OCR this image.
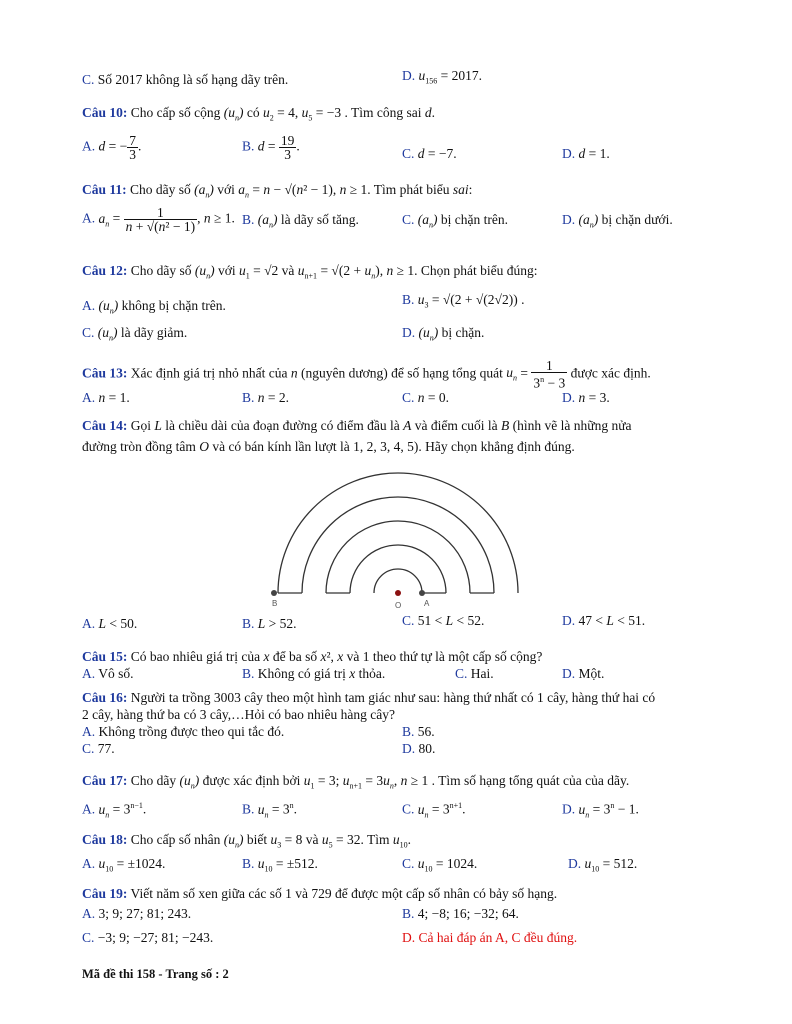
C. Số 2017 không là số hạng dãy trên.	D. $u_{156} = 2017$.
Câu 10: Cho cấp số cộng $(u_n)$ có $u_2 = 4$, $u_5 = -3$ . Tìm công sai d.
A. d = − $\frac{7}{3}$ .	B. $d = \frac{19}{3}$ .	C. d = −7.	D. d = 1.
Câu 11: Cho dãy số $(a_n)$ với $a_n = n - √(n^2 - 1)$, n ≥ 1. Tìm phát biểu sai:
A. $a_n = \frac{1}{\text{n + √(n² − 1)}}$ , n ≥ 1. B. $(a_n)$ là dãy số tăng.	C. $(a_n)$ bị chặn trên.	D. $(a_n)$ bị chặn dưới.
Câu 12: Cho dãy số $(u_n)$ với $u_1 = √2$ và $u_{n+1} = √(2 + u_n)$, n ≥ 1. Chọn phát biểu đúng:
A. $(u_n)$ không bị chặn trên.	B. $u_3 = √(2 + √(2√2))$ .
C. $(u_n)$ là dãy giảm.	D. $(u_n)$ bị chặn.
Câu 13: Xác định giá trị nhỏ nhất của n (nguyên dương) để số hạng tổng quát $u_n = \frac{1}{3^n - 3}$ được xác định.
A. n = 1.	B. n = 2.	C. n = 0.	D. n = 3.
Câu 14: Gọi L là chiều dài của đoạn đường có điểm đầu là A và điểm cuối là B (hình vẽ là những nửa
đường tròn đồng tâm O và có bán kính lần lượt là 1, 2, 3, 4, 5). Hãy chọn khẳng định đúng.
B	O	A
A. L < 50.	B. L > 52.	C. 51 < L < 52.	D. 47 < L < 51.
Câu 15: Có bao nhiêu giá trị của x để ba số x², x và 1 theo thứ tự là một cấp số cộng?
A. Vô số.	B. Không có giá trị x thỏa.	C. Hai.	D. Một.
Câu 16: Người ta trồng 3003 cây theo một hình tam giác như sau: hàng thứ nhất có 1 cây, hàng thứ hai có
2 cây, hàng thứ ba có 3 cây,…Hỏi có bao nhiêu hàng cây?
A. Không trồng được theo qui tắc đó.	B. 56.
C. 77.	D. 80.
Câu 17: Cho dãy $(u_n)$ được xác định bởi $u_1 = 3$; $u_{n+1} = 3u_n$, n ≥ 1 . Tìm số hạng tổng quát của của dãy.
A. $u_n = 3^{n-1}$.	B. $u_n = 3^n$.	C. $u_n = 3^{n+1}$.	D. $u_n = 3^n - 1$.
Câu 18: Cho cấp số nhân $(u_n)$ biết $u_3 = 8$ và $u_5 = 32$. Tìm $u_{10}$.
A. $u_{10} = \pm 1024$.	B. $u_{10} = \pm 512$.	C. $u_{10} = 1024$.	D. $u_{10} = 512$.
Câu 19: Viết năm số xen giữa các số 1 và 729 để được một cấp số nhân có bảy số hạng.
A. 3; 9; 27; 81; 243.	B. 4; −8; 16; −32; 64.
C. −3; 9; −27; 81; −243.	D. Cả hai đáp án A, C đều đúng.
Mã đề thi 158 - Trang số : 2
